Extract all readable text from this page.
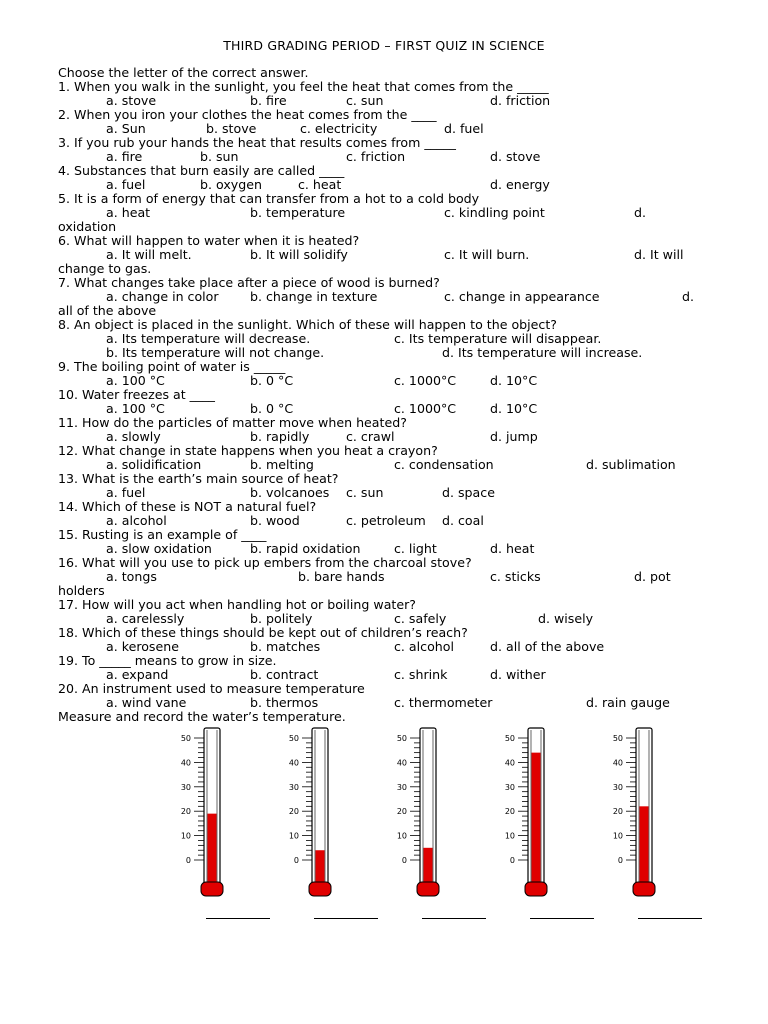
THIRD GRADING PERIOD – FIRST QUIZ IN SCIENCE
Choose the letter of the correct answer.
1. When you walk in the sunlight, you feel the heat that comes from the _____
a. stove	b. fire	c. sun	d. friction
2. When you iron your clothes the heat comes from the ____
a. Sun	b. stove	c. electricity	d. fuel
3. If you rub your hands the heat that results comes from _____
a. fire	b. sun	c. friction	d. stove
4. Substances that burn easily are called ____
a. fuel	b. oxygen	c. heat	d. energy
5. It is a form of energy that can transfer from a hot to a cold body
a. heat	b. temperature	c. kindling point	d.
oxidation
6. What will happen to water when it is heated?
a. It will melt.	b. It will solidify	c. It will burn.	d. It will
change to gas.
7. What changes take place after a piece of wood is burned?
a. change in color b. change in texture	c. change in appearance	d.
all of the above
8. An object is placed in the sunlight. Which of these will happen to the object?
a. Its temperature will decrease.	c. Its temperature will disappear.
b. Its temperature will not change.	d. Its temperature will increase.
9. The boiling point of water is _____
a. 100 °C	b. 0 °C	c. 1000°C	d. 10°C
10. Water freezes at ____
a. 100 °C	b. 0 °C	c. 1000°C	d. 10°C
11. How do the particles of matter move when heated?
a. slowly	b. rapidly	c. crawl	d. jump
12. What change in state happens when you heat a crayon?
a. solidification	b. melting	c. condensation	d. sublimation
13. What is the earth’s main source of heat?
a. fuel	b. volcanoes c. sun	d. space
14. Which of these is NOT a natural fuel?
a. alcohol	b. wood	c. petroleum d. coal
15. Rusting is an example of ____
a. slow oxidation	b. rapid oxidation	c. light	d. heat
16. What will you use to pick up embers from the charcoal stove?
a. tongs	b. bare hands	c. sticks	d. pot
holders
17. How will you act when handling hot or boiling water?
a. carelessly	b. politely	c. safely	d. wisely
18. Which of these things should be kept out of children’s reach?
a. kerosene	b. matches	c. alcohol	d. all of the above
19. To _____ means to grow in size.
a. expand	b. contract	c. shrink	d. wither
20. An instrument used to measure temperature
a. wind vane	b. thermos	c. thermometer	d. rain gauge
Measure and record the water’s temperature.
50
40
30
20
10
0
50
40
30
20
10
0
50
40
30
20
10
0
50
40
30
20
10
0
50
40
30
20
10
0
